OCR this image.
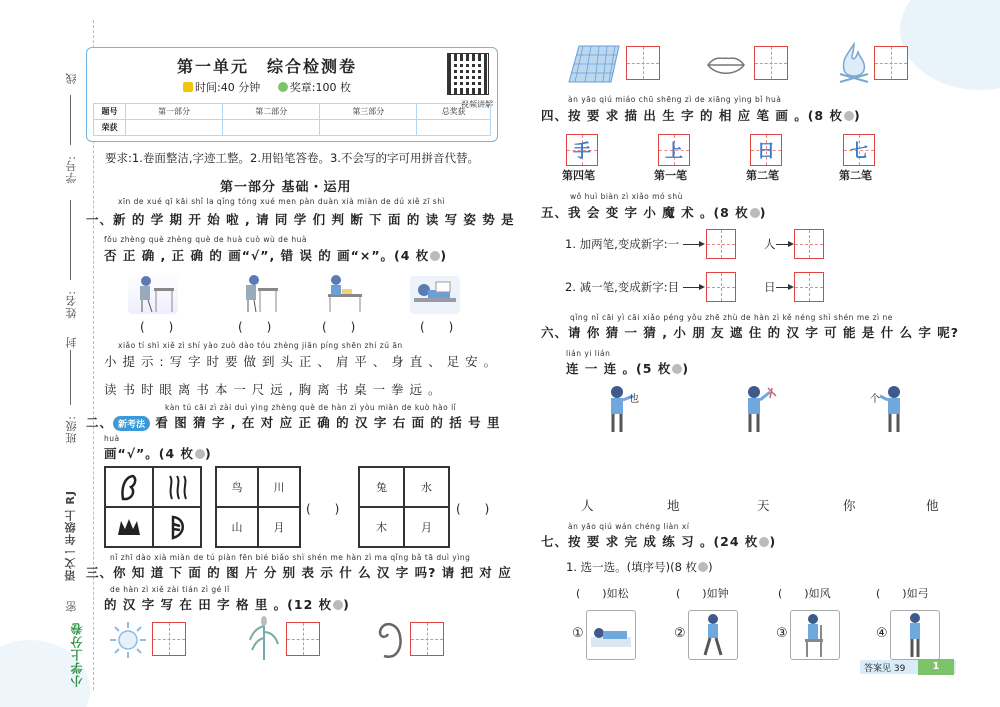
线
学号:
姓名:
封
班级:
密
语文一年级上 RJ
小学上分卷
第一单元　综合检测卷
时间:40 分钟	奖章:100 枚
视频讲解
题号	第一部分	第二部分	第三部分	总奖获
荣获				
要求:1.卷面整洁,字迹工整。2.用铅笔答卷。3.不会写的字可用拼音代替。
第一部分 基础・运用
xīn de xué qī kāi shǐ la qǐng tóng xué men pàn duàn xià miàn de dú xiě zī shì
一、新 的 学 期 开 始 啦 , 请 同 学 们 判 断 下 面 的 读 写 姿 势 是
fǒu zhèng què zhèng què de huà cuò wù de huà
否 正 确 , 正 确 的 画“√”, 错 误 的 画“×”。(4 枚 )
(　　)	(　　)	(　　)	(　　)
xiǎo tí shì xiě zì shí yào zuò dào tóu zhèng jiān píng shēn zhí zú ān
小 提 示 : 写 字 时 要 做 到 头 正 、 肩 平 、 身 直 、 足 安 。
读 书 时 眼 离 书 本 一 尺 远 , 胸 离 书 桌 一 拳 远 。
kàn tú cāi zì zài duì yìng zhèng què de hàn zì yòu miàn de kuò hào lǐ
二、 新考法 看 图 猜 字 , 在 对 应 正 确 的 汉 字 右 面 的 括 号 里
huà
画“√”。(4 枚 )
鸟	川
山	月
(　　)
兔	水
木	月
(　　)
nǐ zhī dào xià miàn de tú piàn fēn bié biǎo shì shén me hàn zì ma qǐng bǎ tā duì yìng
三、你 知 道 下 面 的 图 片 分 别 表 示 什 么 汉 字 吗? 请 把 对 应
de hàn zì xiě zài tián zì gé lǐ
的 汉 字 写 在 田 字 格 里 。(12 枚 )
àn yāo qiú miáo chū shēng zì de xiāng yìng bǐ huà
四、按 要 求 描 出 生 字 的 相 应 笔 画 。(8 枚 )
手	上	日	七
第四笔	第一笔	第二笔	第二笔
wǒ huì biàn zì xiǎo mó shù
五、我 会 变 字 小 魔 术 。(8 枚 )
1. 加两笔,变成新字:一	人
2. 减一笔,变成新字:目	日
qǐng nǐ cāi yì cāi xiǎo péng yǒu zhē zhù de hàn zì kě néng shì shén me zì ne
六、请 你 猜 一 猜 , 小 朋 友 遮 住 的 汉 字 可 能 是 什 么 字 呢?
lián yi lián
连 一 连 。(5 枚 )
也	个
人	地	天	你	他
àn yāo qiú wán chéng liàn xí
七、按 要 求 完 成 练 习 。(24 枚 )
1. 选一选。(填序号)(8 枚 )
(　　)如松	(　　)如钟	(　　)如风	(　　)如弓
①	②	③	④
答案见 39	1
